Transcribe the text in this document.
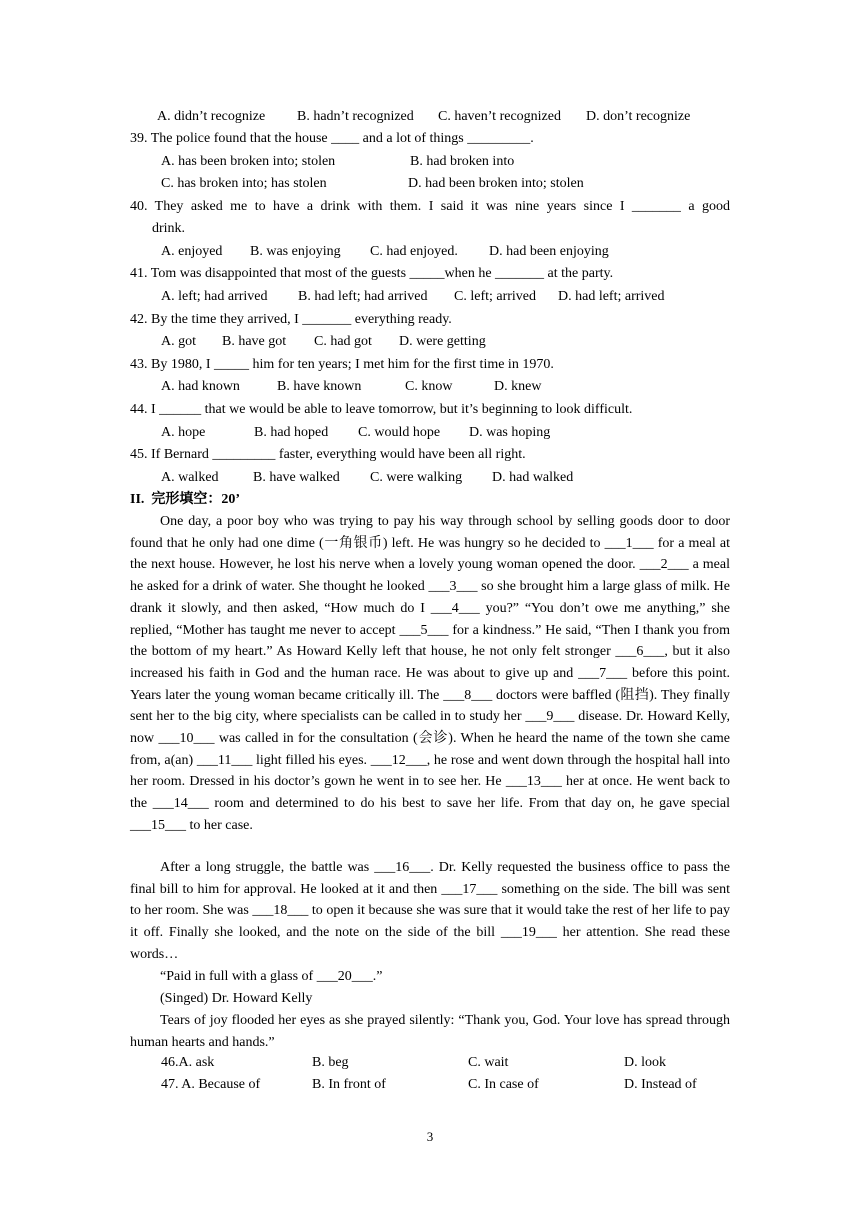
A. didn’t recognize B. hadn’t recognized C. haven’t recognized D. don’t recognize
39. The police found that the house ____ and a lot of things _________.
A. has been broken into; stolen	B. had broken into
C. has broken into; has stolen	D. had been broken into; stolen
40. They asked me to have a drink with them. I said it was nine years since I _______ a good
drink.
A. enjoyed B. was enjoying C. had enjoyed. D. had been enjoying
41. Tom was disappointed that most of the guests _____when he _______ at the party.
A. left; had arrived B. had left; had arrived C. left; arrived D. had left; arrived
42. By the time they arrived, I _______ everything ready.
A. got B. have got C. had got D. were getting
43. By 1980, I _____ him for ten years; I met him for the first time in 1970.
A. had known	B. have known	C. know	D. knew
44. I ______ that we would be able to leave tomorrow, but it’s beginning to look difficult.
A. hope	B. had hoped C. would hope D. was hoping
45. If Bernard _________ faster, everything would have been all right.
A. walked B. have walked C. were walking D. had walked
II.  完形填空：20’
One day, a poor boy who was trying to pay his way through school by selling goods door to door found that he only had one dime (一角银币) left. He was hungry so he decided to ___1___ for a meal at the next house. However, he lost his nerve when a lovely young woman opened the door. ___2___ a meal he asked for a drink of water. She thought he looked ___3___ so she brought him a large glass of milk. He drank it slowly, and then asked, “How much do I ___4___ you?” “You don’t owe me anything,” she replied, “Mother has taught me never to accept ___5___ for a kindness.” He said, “Then I thank you from the bottom of my heart.” As Howard Kelly left that house, he not only felt stronger ___6___, but it also increased his faith in God and the human race. He was about to give up and ___7___ before this point. Years later the young woman became critically ill. The ___8___ doctors were baffled (阻挡). They finally sent her to the big city, where specialists can be called in to study her ___9___ disease. Dr. Howard Kelly, now ___10___ was called in for the consultation (会诊). When he heard the name of the town she came from, a(an) ___11___ light filled his eyes. ___12___, he rose and went down through the hospital hall into her room. Dressed in his doctor’s gown he went in to see her. He ___13___ her at once. He went back to the ___14___ room and determined to do his best to save her life. From that day on, he gave special ___15___ to her case.
After a long struggle, the battle was ___16___. Dr. Kelly requested the business office to pass the final bill to him for approval. He looked at it and then ___17___ something on the side. The bill was sent to her room. She was ___18___ to open it because she was sure that it would take the rest of her life to pay it off. Finally she looked, and the note on the side of the bill ___19___ her attention. She read these words…
“Paid in full with a glass of ___20___.”
(Singed) Dr. Howard Kelly
Tears of joy flooded her eyes as she prayed silently: “Thank you, God. Your love has spread through human hearts and hands.”
46.A. ask	B. beg	C. wait	D. look
47. A. Because of	B. In front of	C. In case of	D. Instead of
3
